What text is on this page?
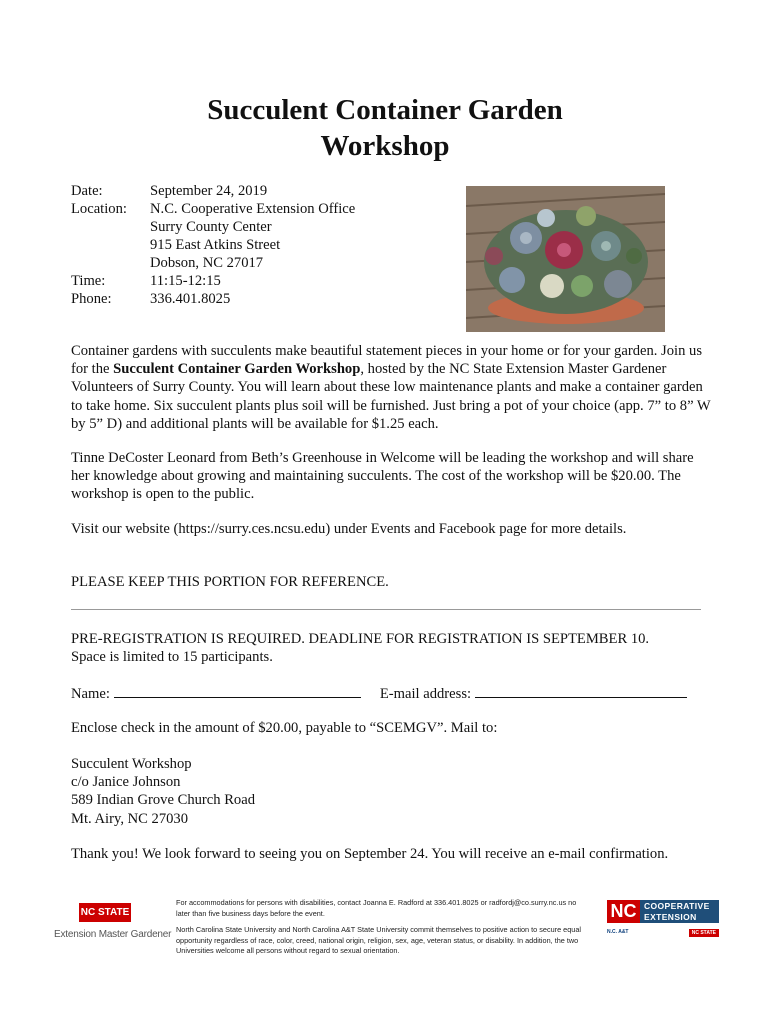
Succulent Container Garden
Workshop
Date:	September 24, 2019
Location:	N.C. Cooperative Extension Office
Surry County Center
915 East Atkins Street
Dobson, NC 27017
Time:	11:15-12:15
Phone:	336.401.8025
Container gardens with succulents make beautiful statement pieces in your home or for your garden. Join us for the Succulent Container Garden Workshop, hosted by the NC State Extension Master Gardener Volunteers of Surry County. You will learn about these low maintenance plants and make a container garden to take home. Six succulent plants plus soil will be furnished. Just bring a pot of your choice (app. 7” to 8” W by 5” D) and additional plants will be available for $1.25 each.
Tinne DeCoster Leonard from Beth’s Greenhouse in Welcome will be leading the workshop and will share her knowledge about growing and maintaining succulents. The cost of the workshop will be $20.00. The workshop is open to the public.
Visit our website (https://surry.ces.ncsu.edu) under Events and Facebook page for more details.
PLEASE KEEP THIS PORTION FOR REFERENCE.
PRE-REGISTRATION IS REQUIRED. DEADLINE FOR REGISTRATION IS SEPTEMBER 10.
Space is limited to 15 participants.
Name:	E-mail address:
Enclose check in the amount of $20.00, payable to “SCEMGV”. Mail to:
Succulent Workshop
c/o Janice Johnson
589 Indian Grove Church Road
Mt. Airy, NC 27030
Thank you! We look forward to seeing you on September 24. You will receive an e-mail confirmation.
NC STATE
Extension Master Gardener
For accommodations for persons with disabilities, contact Joanna E. Radford at 336.401.8025 or radfordj@co.surry.nc.us no later than five business days before the event.
North Carolina State University and North Carolina A&T State University commit themselves to positive action to secure equal opportunity regardless of race, color, creed, national origin, religion, sex, age, veteran status, or disability. In addition, the two Universities welcome all persons without regard to sexual orientation.
NC COOPERATIVE
EXTENSION
N.C. A&T	NC STATE
